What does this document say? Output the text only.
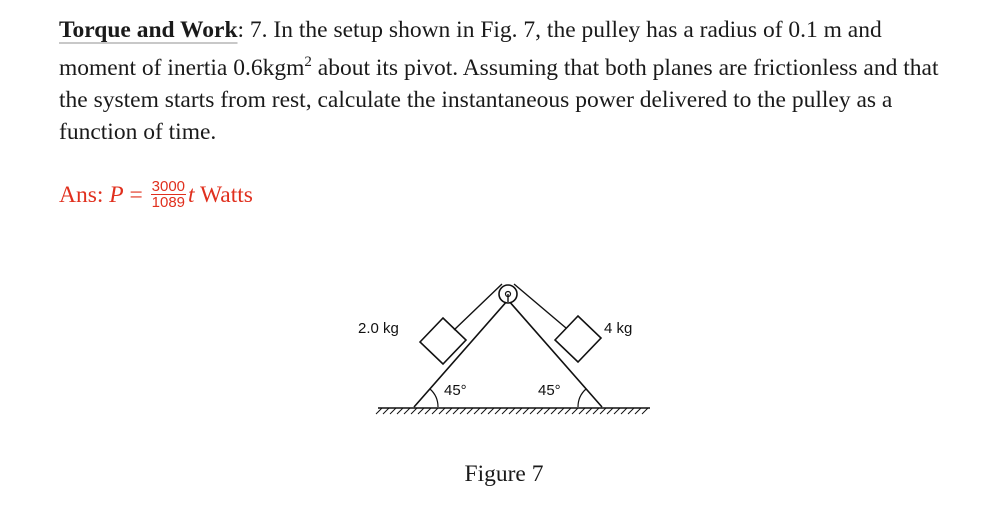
Torque and Work: 7. In the setup shown in Fig. 7, the pulley has a radius of 0.1 m and moment of inertia 0.6kgm$^2$ about its pivot. Assuming that both planes are frictionless and that the system starts from rest, calculate the instantaneous power delivered to the pulley as a function of time.
Ans: $P = \frac{3000}{1089}$ t Watts
2.0 kg	4 kg
45°	45°
Figure 7
